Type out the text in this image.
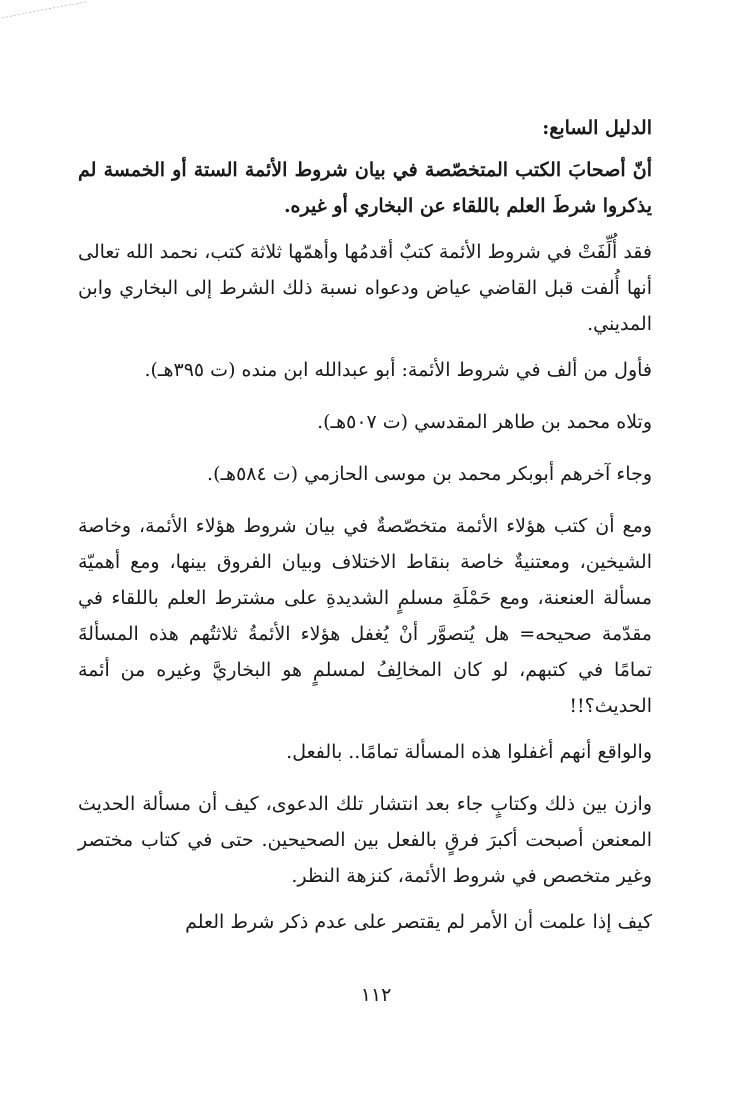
الدليل السابع:

أنّ أصحابَ الكتب المتخصّصة في بيان شروط الأئمة الستة أو الخمسة لم يذكروا شرطَ العلم باللقاء عن البخاري أو غيره.

فقد أُلِّفَتْ في شروط الأئمة كتبٌ أقدمُها وأهمّها ثلاثة كتب، نحمد الله تعالى أنها أُلفت قبل القاضي عياض ودعواه نسبة ذلك الشرط إلى البخاري وابن المديني.

فأول من ألف في شروط الأئمة: أبو عبدالله ابن منده (ت ٣٩٥هـ).

وتلاه محمد بن طاهر المقدسي (ت ٥٠٧هـ).

وجاء آخرهم أبوبكر محمد بن موسى الحازمي (ت ٥٨٤هـ).

ومع أن كتب هؤلاء الأئمة متخصّصةٌ في بيان شروط هؤلاء الأئمة، وخاصة الشيخين، ومعتنيةٌ خاصة بنقاط الاختلاف وبيان الفروق بينها، ومع أهميّة مسألة العنعنة، ومع حَمْلَةِ مسلمٍ الشديدةِ على مشترط العلم باللقاء في مقدّمة صحيحه= هل يُتصوَّر أنْ يُغفل هؤلاء الأئمةُ ثلاثتُهم هذه المسألةَ تمامًا في كتبهم، لو كان المخالِفُ لمسلمٍ هو البخاريَّ وغيره من أئمة الحديث؟!!

والواقع أنهم أغفلوا هذه المسألة تمامًا.. بالفعل.

وازن بين ذلك وكتابٍ جاء بعد انتشار تلك الدعوى، كيف أن مسألة الحديث المعنعن أصبحت أكبرَ فرقٍ بالفعل بين الصحيحين. حتى في كتاب مختصر وغير متخصص في شروط الأئمة، كنزهة النظر.

كيف إذا علمت أن الأمر لم يقتصر على عدم ذكر شرط العلم

١١٢
